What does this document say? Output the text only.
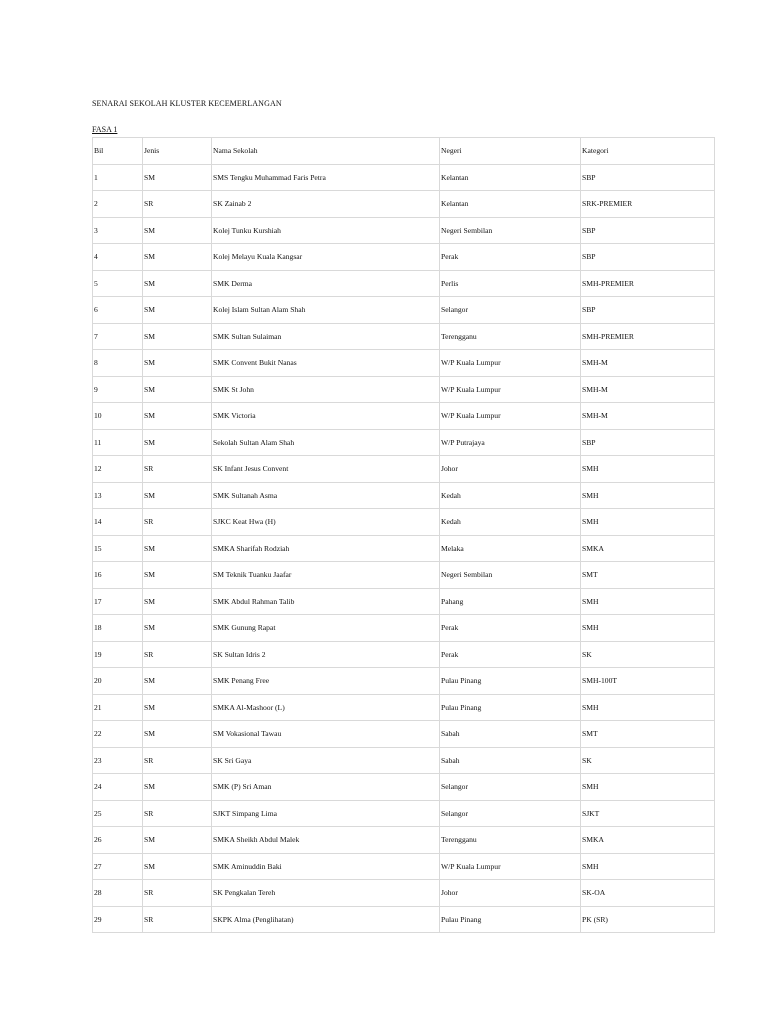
SENARAI SEKOLAH KLUSTER KECEMERLANGAN
FASA 1
Bil	Jenis	Nama Sekolah	Negeri	Kategori
1	SM	SMS Tengku Muhammad Faris Petra	Kelantan	SBP
2	SR	SK Zainab 2	Kelantan	SRK-PREMIER
3	SM	Kolej Tunku Kurshiah	Negeri Sembilan	SBP
4	SM	Kolej Melayu Kuala Kangsar	Perak	SBP
5	SM	SMK Derma	Perlis	SMH-PREMIER
6	SM	Kolej Islam Sultan Alam Shah	Selangor	SBP
7	SM	SMK Sultan Sulaiman	Terengganu	SMH-PREMIER
8	SM	SMK Convent Bukit Nanas	W/P Kuala Lumpur	SMH-M
9	SM	SMK St John	W/P Kuala Lumpur	SMH-M
10	SM	SMK Victoria	W/P Kuala Lumpur	SMH-M
11	SM	Sekolah Sultan Alam Shah	W/P Putrajaya	SBP
12	SR	SK Infant Jesus Convent	Johor	SMH
13	SM	SMK Sultanah Asma	Kedah	SMH
14	SR	SJKC Keat Hwa (H)	Kedah	SMH
15	SM	SMKA Sharifah Rodziah	Melaka	SMKA
16	SM	SM Teknik Tuanku Jaafar	Negeri Sembilan	SMT
17	SM	SMK Abdul Rahman Talib	Pahang	SMH
18	SM	SMK Gunung Rapat	Perak	SMH
19	SR	SK Sultan Idris 2	Perak	SK
20	SM	SMK Penang Free	Pulau Pinang	SMH-100T
21	SM	SMKA Al-Mashoor (L)	Pulau Pinang	SMH
22	SM	SM Vokasional Tawau	Sabah	SMT
23	SR	SK Sri Gaya	Sabah	SK
24	SM	SMK (P) Sri Aman	Selangor	SMH
25	SR	SJKT Simpang Lima	Selangor	SJKT
26	SM	SMKA Sheikh Abdul Malek	Terengganu	SMKA
27	SM	SMK Aminuddin Baki	W/P Kuala Lumpur	SMH
28	SR	SK Pengkalan Tereh	Johor	SK-OA
29	SR	SKPK Alma (Penglihatan)	Pulau Pinang	PK (SR)
